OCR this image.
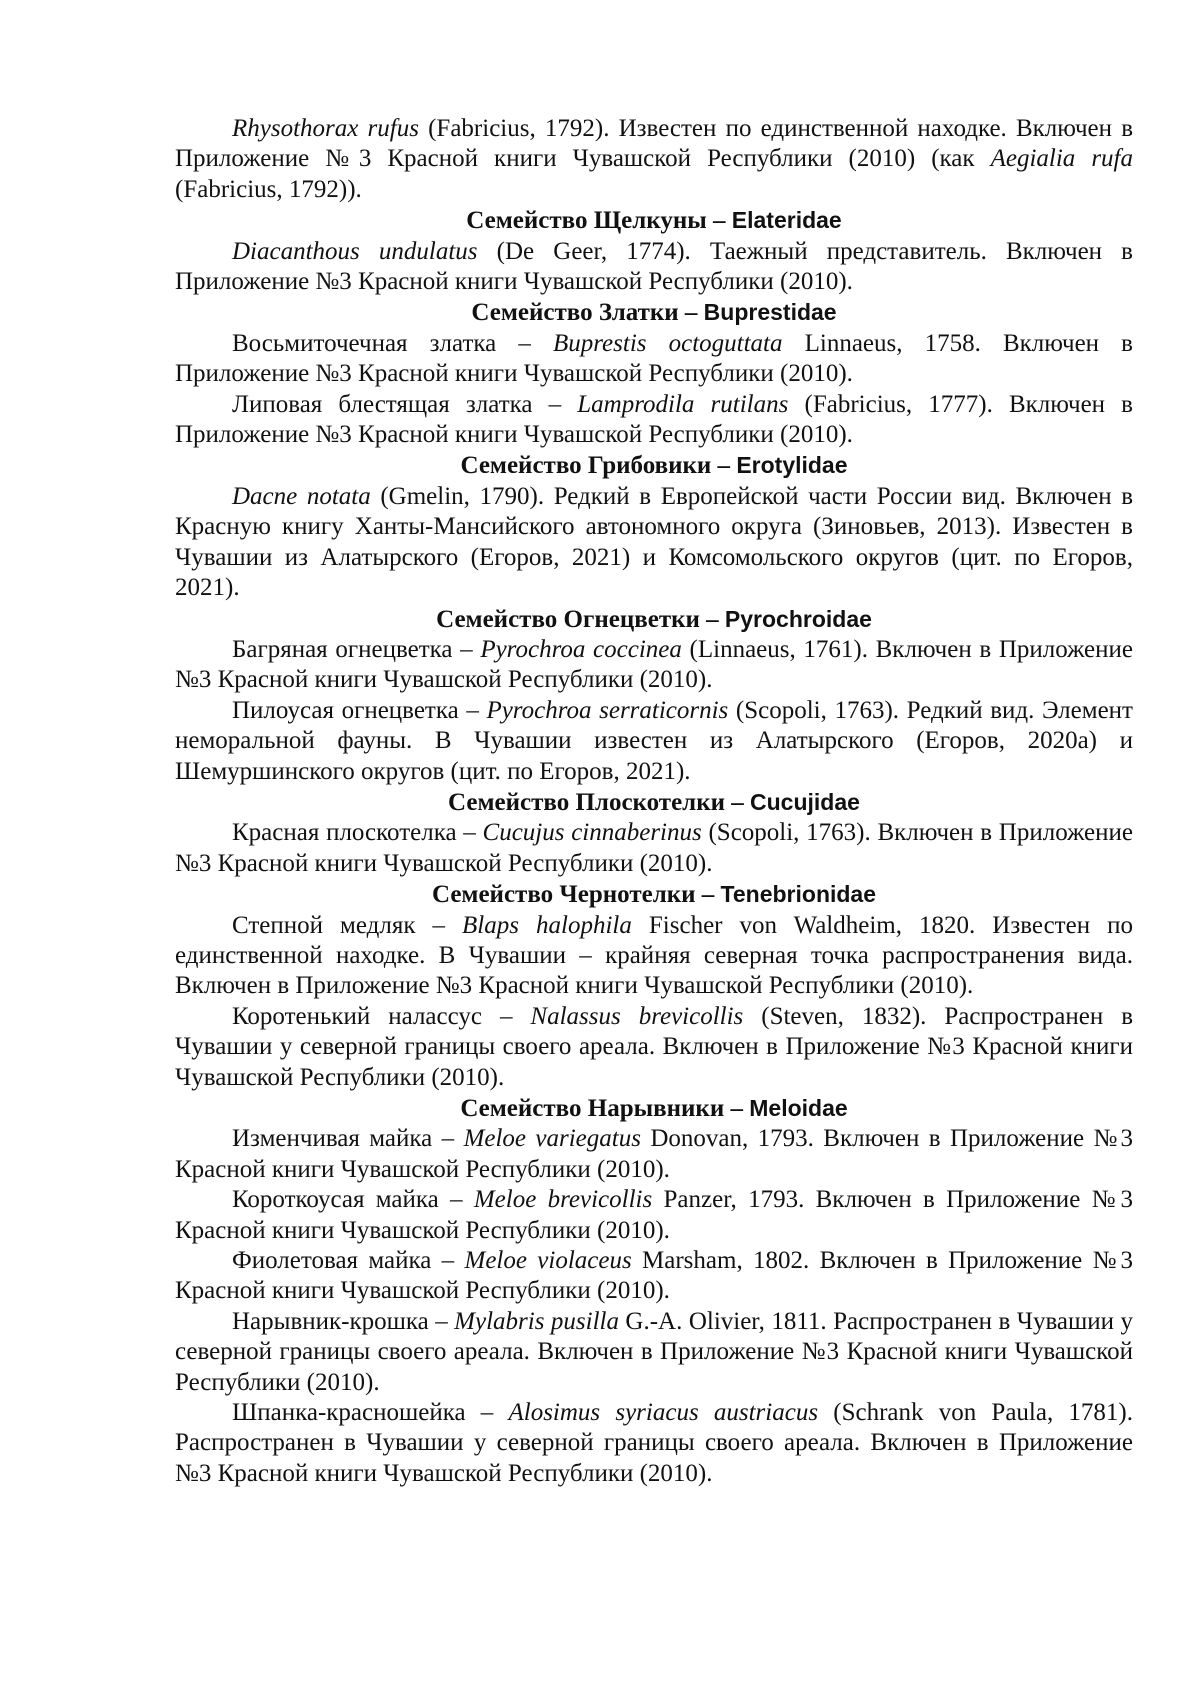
Rhysothorax rufus (Fabricius, 1792). Известен по единственной находке. Включен в Приложение №3 Красной книги Чувашской Республики (2010) (как Aegialia rufa (Fabricius, 1792)).

Семейство Щелкуны – Elateridae

Diacanthous undulatus (De Geer, 1774). Таежный представитель. Включен в Приложение №3 Красной книги Чувашской Республики (2010).

Семейство Златки – Buprestidae

Восьмиточечная златка – Buprestis octoguttata Linnaeus, 1758. Включен в Приложение №3 Красной книги Чувашской Республики (2010).

Липовая блестящая златка – Lamprodila rutilans (Fabricius, 1777). Включен в Приложение №3 Красной книги Чувашской Республики (2010).

Семейство Грибовики – Erotylidae

Dacne notata (Gmelin, 1790). Редкий в Европейской части России вид. Включен в Красную книгу Ханты-Мансийского автономного округа (Зиновьев, 2013). Известен в Чувашии из Алатырского (Егоров, 2021) и Комсомольского округов (цит. по Егоров, 2021).

Семейство Огнецветки – Pyrochroidae

Багряная огнецветка – Pyrochroa coccinea (Linnaeus, 1761). Включен в Приложение №3 Красной книги Чувашской Республики (2010).

Пилоусая огнецветка – Pyrochroa serraticornis (Scopoli, 1763). Редкий вид. Элемент неморальной фауны. В Чувашии известен из Алатырского (Егоров, 2020a) и Шемуршинского округов (цит. по Егоров, 2021).

Семейство Плоскотелки – Cucujidae

Красная плоскотелка – Cucujus cinnaberinus (Scopoli, 1763). Включен в Приложение №3 Красной книги Чувашской Республики (2010).

Семейство Чернотелки – Tenebrionidae

Степной медляк – Blaps halophila Fischer von Waldheim, 1820. Известен по единственной находке. В Чувашии – крайняя северная точка распространения вида. Включен в Приложение №3 Красной книги Чувашской Республики (2010).

Коротенький налассус – Nalassus brevicollis (Steven, 1832). Распространен в Чувашии у северной границы своего ареала. Включен в Приложение №3 Красной книги Чувашской Республики (2010).

Семейство Нарывники – Meloidae

Изменчивая майка – Meloe variegatus Donovan, 1793. Включен в Приложение №3 Красной книги Чувашской Республики (2010).

Короткоусая майка – Meloe brevicollis Panzer, 1793. Включен в Приложение №3 Красной книги Чувашской Республики (2010).

Фиолетовая майка – Meloe violaceus Marsham, 1802. Включен в Приложение №3 Красной книги Чувашской Республики (2010).

Нарывник-крошка – Mylabris pusilla G.-A. Olivier, 1811. Распространен в Чувашии у северной границы своего ареала. Включен в Приложение №3 Красной книги Чувашской Республики (2010).

Шпанка-красношейка – Alosimus syriacus austriacus (Schrank von Paula, 1781). Распространен в Чувашии у северной границы своего ареала. Включен в Приложение №3 Красной книги Чувашской Республики (2010).
